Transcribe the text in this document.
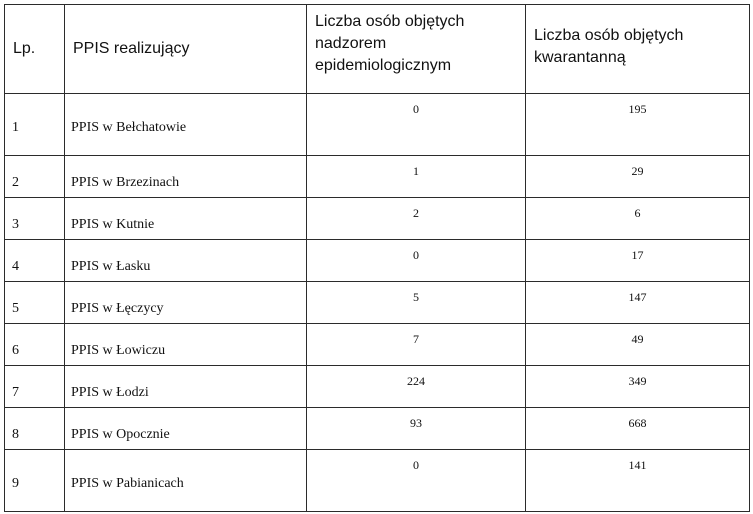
Lp.	PPIS realizujący	Liczba osób objętych nadzorem epidemiologicznym	Liczba osób objętych kwarantanną
1	PPIS w Bełchatowie	0	195
2	PPIS w Brzezinach	1	29
3	PPIS w Kutnie	2	6
4	PPIS w Łasku	0	17
5	PPIS w Łęczycy	5	147
6	PPIS w Łowiczu	7	49
7	PPIS w Łodzi	224	349
8	PPIS w Opocznie	93	668
9	PPIS w Pabianicach	0	141
